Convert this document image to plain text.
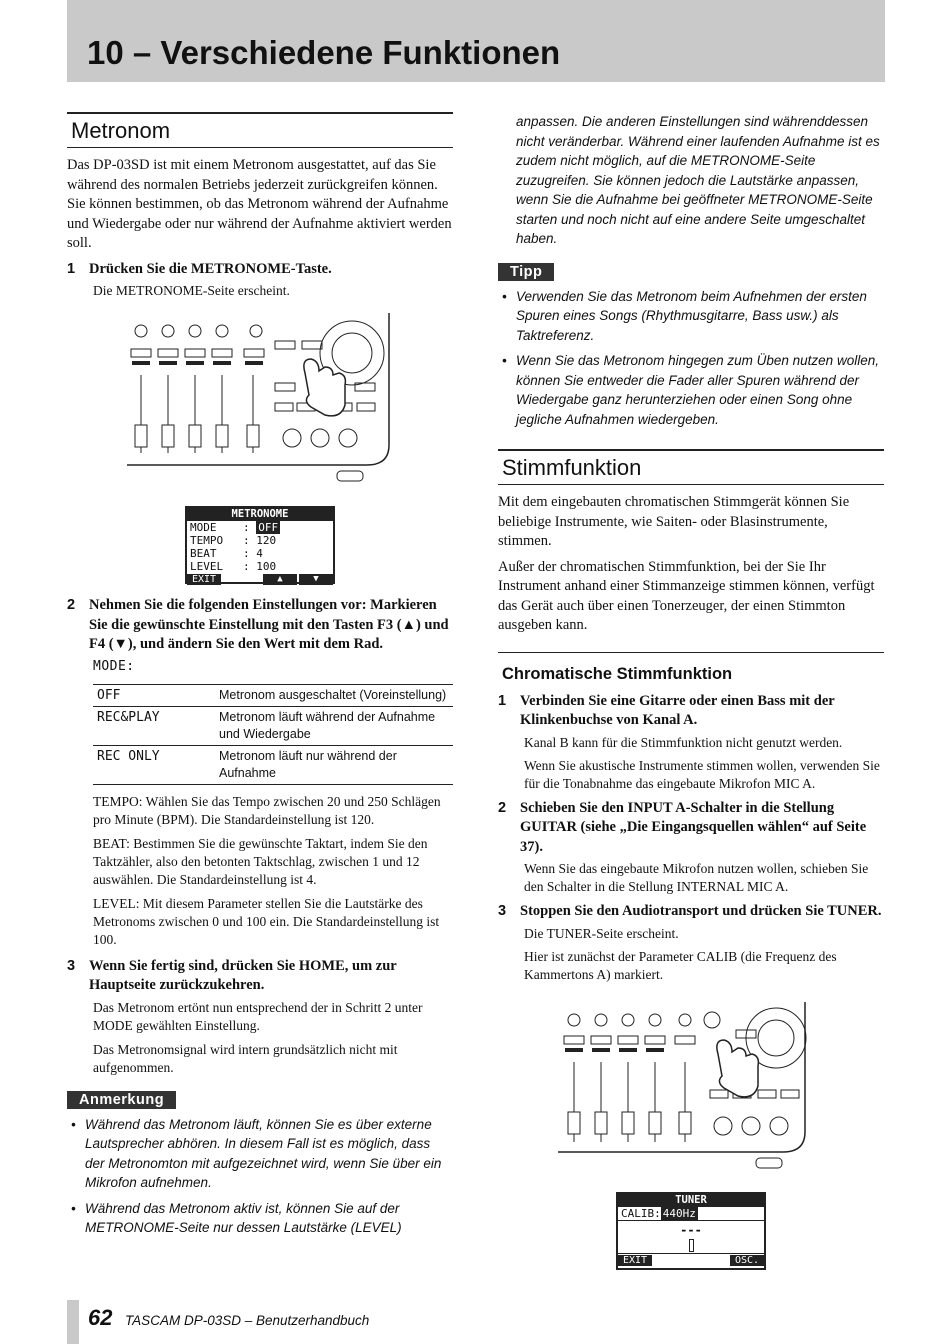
10 – Verschiedene Funktionen
Metronom

Das DP-03SD ist mit einem Metronom ausgestattet, auf das Sie während des normalen Betriebs jederzeit zurückgreifen können. Sie können bestimmen, ob das Metronom während der Aufnahme und Wiedergabe oder nur während der Aufnahme aktiviert werden soll.

1 Drücken Sie die METRONOME-Taste.
Die METRONOME-Seite erscheint.
METRONOME
MODE    : OFF
TEMPO   : 120
BEAT    : 4
LEVEL   : 100
EXIT	▲	▼
2 Nehmen Sie die folgenden Einstellungen vor: Markieren Sie die gewünschte Einstellung mit den Tasten F3 (▲) und F4 (▼), und ändern Sie den Wert mit dem Rad.
MODE:
OFF	Metronom ausgeschaltet (Voreinstellung)
REC&PLAY	Metronom läuft während der Aufnahme und Wiedergabe
REC ONLY	Metronom läuft nur während der Aufnahme
TEMPO: Wählen Sie das Tempo zwischen 20 und 250 Schlägen pro Minute (BPM). Die Standardeinstellung ist 120.
BEAT: Bestimmen Sie die gewünschte Taktart, indem Sie den Taktzähler, also den betonten Taktschlag, zwischen 1 und 12 auswählen. Die Standardeinstellung ist 4.
LEVEL: Mit diesem Parameter stellen Sie die Lautstärke des Metronoms zwischen 0 und 100 ein. Die Standardeinstellung ist 100.
3 Wenn Sie fertig sind, drücken Sie HOME, um zur Hauptseite zurückzukehren.
Das Metronom ertönt nun entsprechend der in Schritt 2 unter MODE gewählten Einstellung.
Das Metronomsignal wird intern grundsätzlich nicht mit aufgenommen.
Anmerkung
• Während das Metronom läuft, können Sie es über externe Lautsprecher abhören. In diesem Fall ist es möglich, dass der Metronomton mit aufgezeichnet wird, wenn Sie über ein Mikrofon aufnehmen.
• Während das Metronom aktiv ist, können Sie auf der METRONOME-Seite nur dessen Lautstärke (LEVEL)
anpassen. Die anderen Einstellungen sind währenddessen nicht veränderbar. Während einer laufenden Aufnahme ist es zudem nicht möglich, auf die METRONOME-Seite zuzugreifen. Sie können jedoch die Lautstärke anpassen, wenn Sie die Aufnahme bei geöffneter METRONOME-Seite starten und noch nicht auf eine andere Seite umgeschaltet haben.
Tipp
• Verwenden Sie das Metronom beim Aufnehmen der ersten Spuren eines Songs (Rhythmusgitarre, Bass usw.) als Taktreferenz.
• Wenn Sie das Metronom hingegen zum Üben nutzen wollen, können Sie entweder die Fader aller Spuren während der Wiedergabe ganz herunterziehen oder einen Song ohne jegliche Aufnahmen wiedergeben.
Stimmfunktion

Mit dem eingebauten chromatischen Stimmgerät können Sie beliebige Instrumente, wie Saiten- oder Blasinstrumente, stimmen.

Außer der chromatischen Stimmfunktion, bei der Sie Ihr Instrument anhand einer Stimmanzeige stimmen können, verfügt das Gerät auch über einen Tonerzeuger, der einen Stimmton ausgeben kann.

Chromatische Stimmfunktion
1 Verbinden Sie eine Gitarre oder einen Bass mit der Klinkenbuchse von Kanal A.
Kanal B kann für die Stimmfunktion nicht genutzt werden.
Wenn Sie akustische Instrumente stimmen wollen, verwenden Sie für die Tonabnahme das eingebaute Mikrofon MIC A.
2 Schieben Sie den INPUT A-Schalter in die Stellung GUITAR (siehe „Die Eingangsquellen wählen“ auf Seite 37).
Wenn Sie das eingebaute Mikrofon nutzen wollen, schieben Sie den Schalter in die Stellung INTERNAL MIC A.
3 Stoppen Sie den Audiotransport und drücken Sie TUNER.
Die TUNER-Seite erscheint.
Hier ist zunächst der Parameter CALIB (die Frequenz des Kammertons A) markiert.
TUNER
CALIB: 440Hz
---
EXIT	OSC.
62 TASCAM DP-03SD – Benutzerhandbuch
